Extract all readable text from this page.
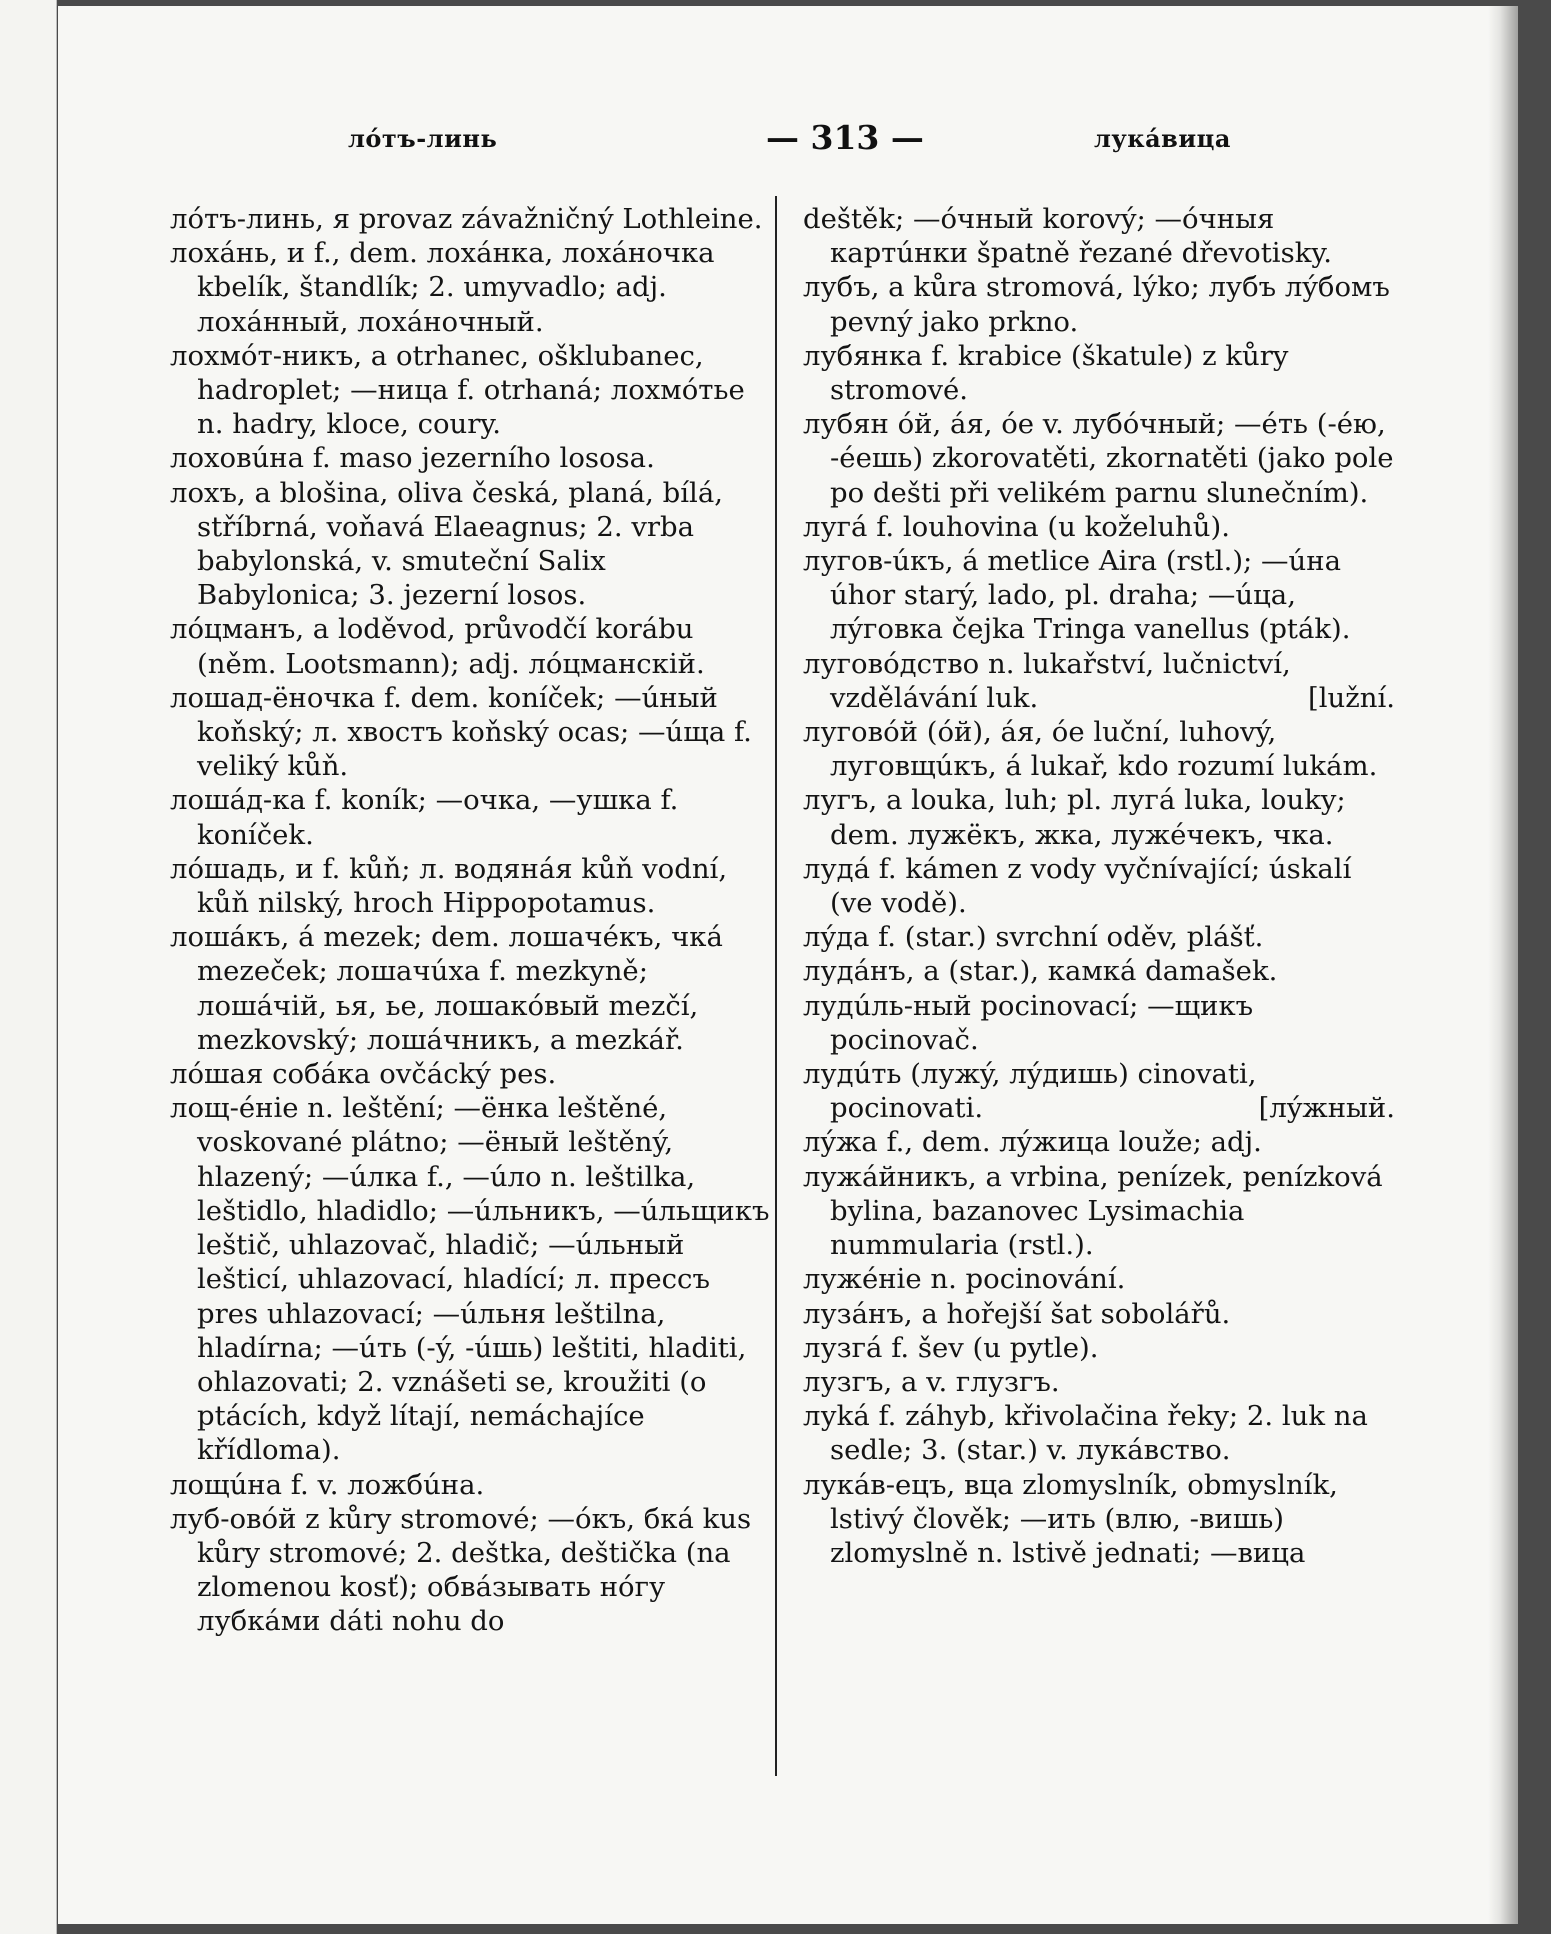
лóтъ-линь	— 313 —	лукáвица

лóтъ-линь, я provaz závažničný Lothleine.

лохáнь, и f., dem. лохáнка, лохáночка kbelík, štandlík; 2. umyvadlo; adj. лохáнный, лохáночный.

лохмóт-никъ, a otrhanec, ošklubanec, hadroplet; —ница f. otrhaná; лохмóтье n. hadry, kloce, coury.

лоховúна f. maso jezerního lososa.

лохъ, a blošina, oliva česká, planá, bílá, stříbrná, voňavá Elaeagnus; 2. vrba babylonská, v. smuteční Salix Babylonica; 3. jezerní losos.

лóцманъ, a loděvod, průvodčí korábu (něm. Lootsmann); adj. лóцманскій.

лошад-ёночка f. dem. koníček; —úный koňský; л. хвостъ koňský ocas; —úща f. veliký kůň.

лошáд-ка f. koník; —очка, —ушка f. koníček.

лóшадь, и f. kůň; л. водянáя kůň vodní, kůň nilský, hroch Hippopotamus.

лошáкъ, á mezek; dem. лошачéкъ, чкá mezeček; лошачúха f. mezkyně; лошáчій, ья, ье, лошакóвый mezčí, mezkovský; лошáчникъ, a mezkář.

лóшая собáка ovčácký pes.

лощ-éніе n. leštění; —ёнка leštěné, voskované plátno; —ёный leštěný, hlazený; —úлка f., —úло n. leštilka, leštidlo, hladidlo; —úльникъ, —úльщикъ leštič, uhlazovač, hladič; —úльный lešticí, uhlazovací, hladící; л. прессъ pres uhlazovací; —úльня leštilna, hladírna; —úть (-ý, -úшь) leštiti, hladiti, ohlazovati; 2. vznášeti se, kroužiti (o ptácích, když lítají, nemáchajíce křídloma).

лощúна f. v. ложбúна.

луб-овóй z kůry stromové; —óкъ, бкá kus kůry stromové; 2. deštka, deštička (na zlomenou kosť); обвáзывать нóгу лубкáми dáti nohu do

deštěk; —óчный korový; —óчныя картúнки špatně řezané dřevotisky.

лубъ, a kůra stromová, lýko; лубъ лýбомъ pevný jako prkno.

лубянка f. krabice (škatule) z kůry stromové.

лубян óй, áя, óе v. лубóчный; —éть (-éю, -éешь) zkorovatěti, zkornatěti (jako pole po dešti při velikém parnu slunečním).

лугá f. louhovina (u koželuhů).

лугов-úкъ, á metlice Aira (rstl.); —úна úhor starý, lado, pl. draha; —úца, лýговка čejka Tringa vanellus (pták).

луговóдство n. lukařství, lučnictví, vzdělávání luk.	[lužní.

луговóй (óй), áя, óе luční, luhový, луговщúкъ, á lukař, kdo rozumí lukám.

лугъ, a louka, luh; pl. лугá luka, louky; dem. лужёкъ, жка, лужéчекъ, чка.

лудá f. kámen z vody vyčnívající; úskalí (ve vodě).

лýда f. (star.) svrchní oděv, plášť.

лудáнъ, a (star.), камкá damašek.

лудúль-ный pocinovací; —щикъ pocinovač.

лудúть (лужý, лýдишь) cinovati, pocinovati.	[лýжный.

лýжа f., dem. лýжица louže; adj.

лужáйникъ, a vrbina, penízek, penízková bylina, bazanovec Lysimachia nummularia (rstl.).

лужéніе n. pocinování.

лузáнъ, a hořejší šat sobolářů.

лузгá f. šev (u pytle).

лузгъ, a v. глузгъ.

луká f. záhyb, křivolačina řeky; 2. luk na sedle; 3. (star.) v. лукáвство.

лукáв-ецъ, вца zlomyslník, obmyslník, lstivý člověk; —ить (влю, -вишь) zlomyslně n. lstivě jednati; —вица
